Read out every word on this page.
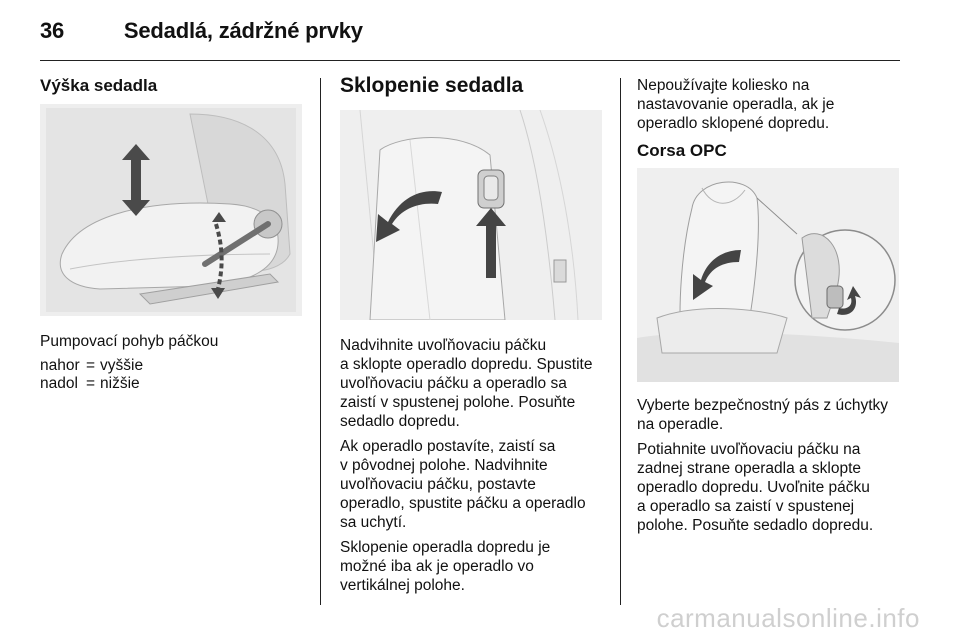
36	Sedadlá, zádržné prvky
Výška sedadla

Pumpovací pohyb páčkou

nahor = vyššie
nadol = nižšie
Sklopenie sedadla

Nadvihnite uvoľňovaciu páčku
a sklopte operadlo dopredu. Spustite
uvoľňovaciu páčku a operadlo sa
zaistí v spustenej polohe. Posuňte
sedadlo dopredu.

Ak operadlo postavíte, zaistí sa
v pôvodnej polohe. Nadvihnite
uvoľňovaciu páčku, postavte
operadlo, spustite páčku a operadlo
sa uchytí.

Sklopenie operadla dopredu je
možné iba ak je operadlo vo
vertikálnej polohe.

Nepoužívajte koliesko na
nastavovanie operadla, ak je
operadlo sklopené dopredu.

Corsa OPC

Vyberte bezpečnostný pás z úchytky
na operadle.

Potiahnite uvoľňovaciu páčku na
zadnej strane operadla a sklopte
operadlo dopredu. Uvoľnite páčku
a operadlo sa zaistí v spustenej
polohe. Posuňte sedadlo dopredu.

carmanualsonline.info
